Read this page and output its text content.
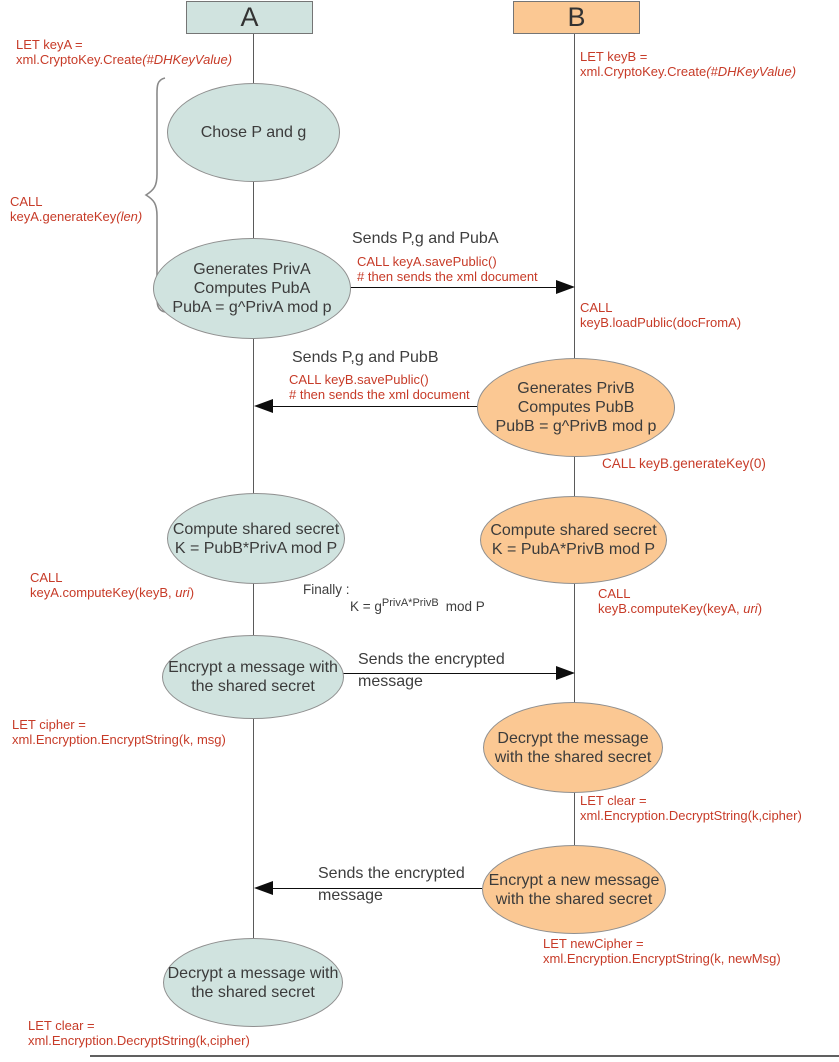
A	B
Chose P and g
Generates PrivA
Computes PubA
PubA = g^PrivA mod p
Generates PrivB
Computes PubB
PubB = g^PrivB mod p
Compute shared secret
K = PubB*PrivA mod P
Compute shared secret
K = PubA*PrivB mod P
Encrypt a message with
the shared secret
Decrypt the message
with the shared secret
Encrypt a new message
with the shared secret
Decrypt a message with
the shared secret
Sends P,g and PubA
Sends P,g and PubB
Sends the encrypted
message
Sends the encrypted
message
Finally :
$K = g^{PrivA*PrivB}$ mod P
LET keyA =
xml.CryptoKey.Create(#DHKeyValue)	LET keyB =
xml.CryptoKey.Create(#DHKeyValue)
CALL
keyA.generateKey(len)
CALL keyA.savePublic()
# then sends the xml document
CALL
keyB.loadPublic(docFromA)
CALL keyB.savePublic()
# then sends the xml document
CALL keyB.generateKey(0)
CALL
keyA.computeKey(keyB, uri)	CALL
keyB.computeKey(keyA, uri)
LET cipher =
xml.Encryption.EncryptString(k, msg)
LET clear =
xml.Encryption.DecryptString(k,cipher)
LET newCipher =
xml.Encryption.EncryptString(k, newMsg)
LET clear =
xml.Encryption.DecryptString(k,cipher)
